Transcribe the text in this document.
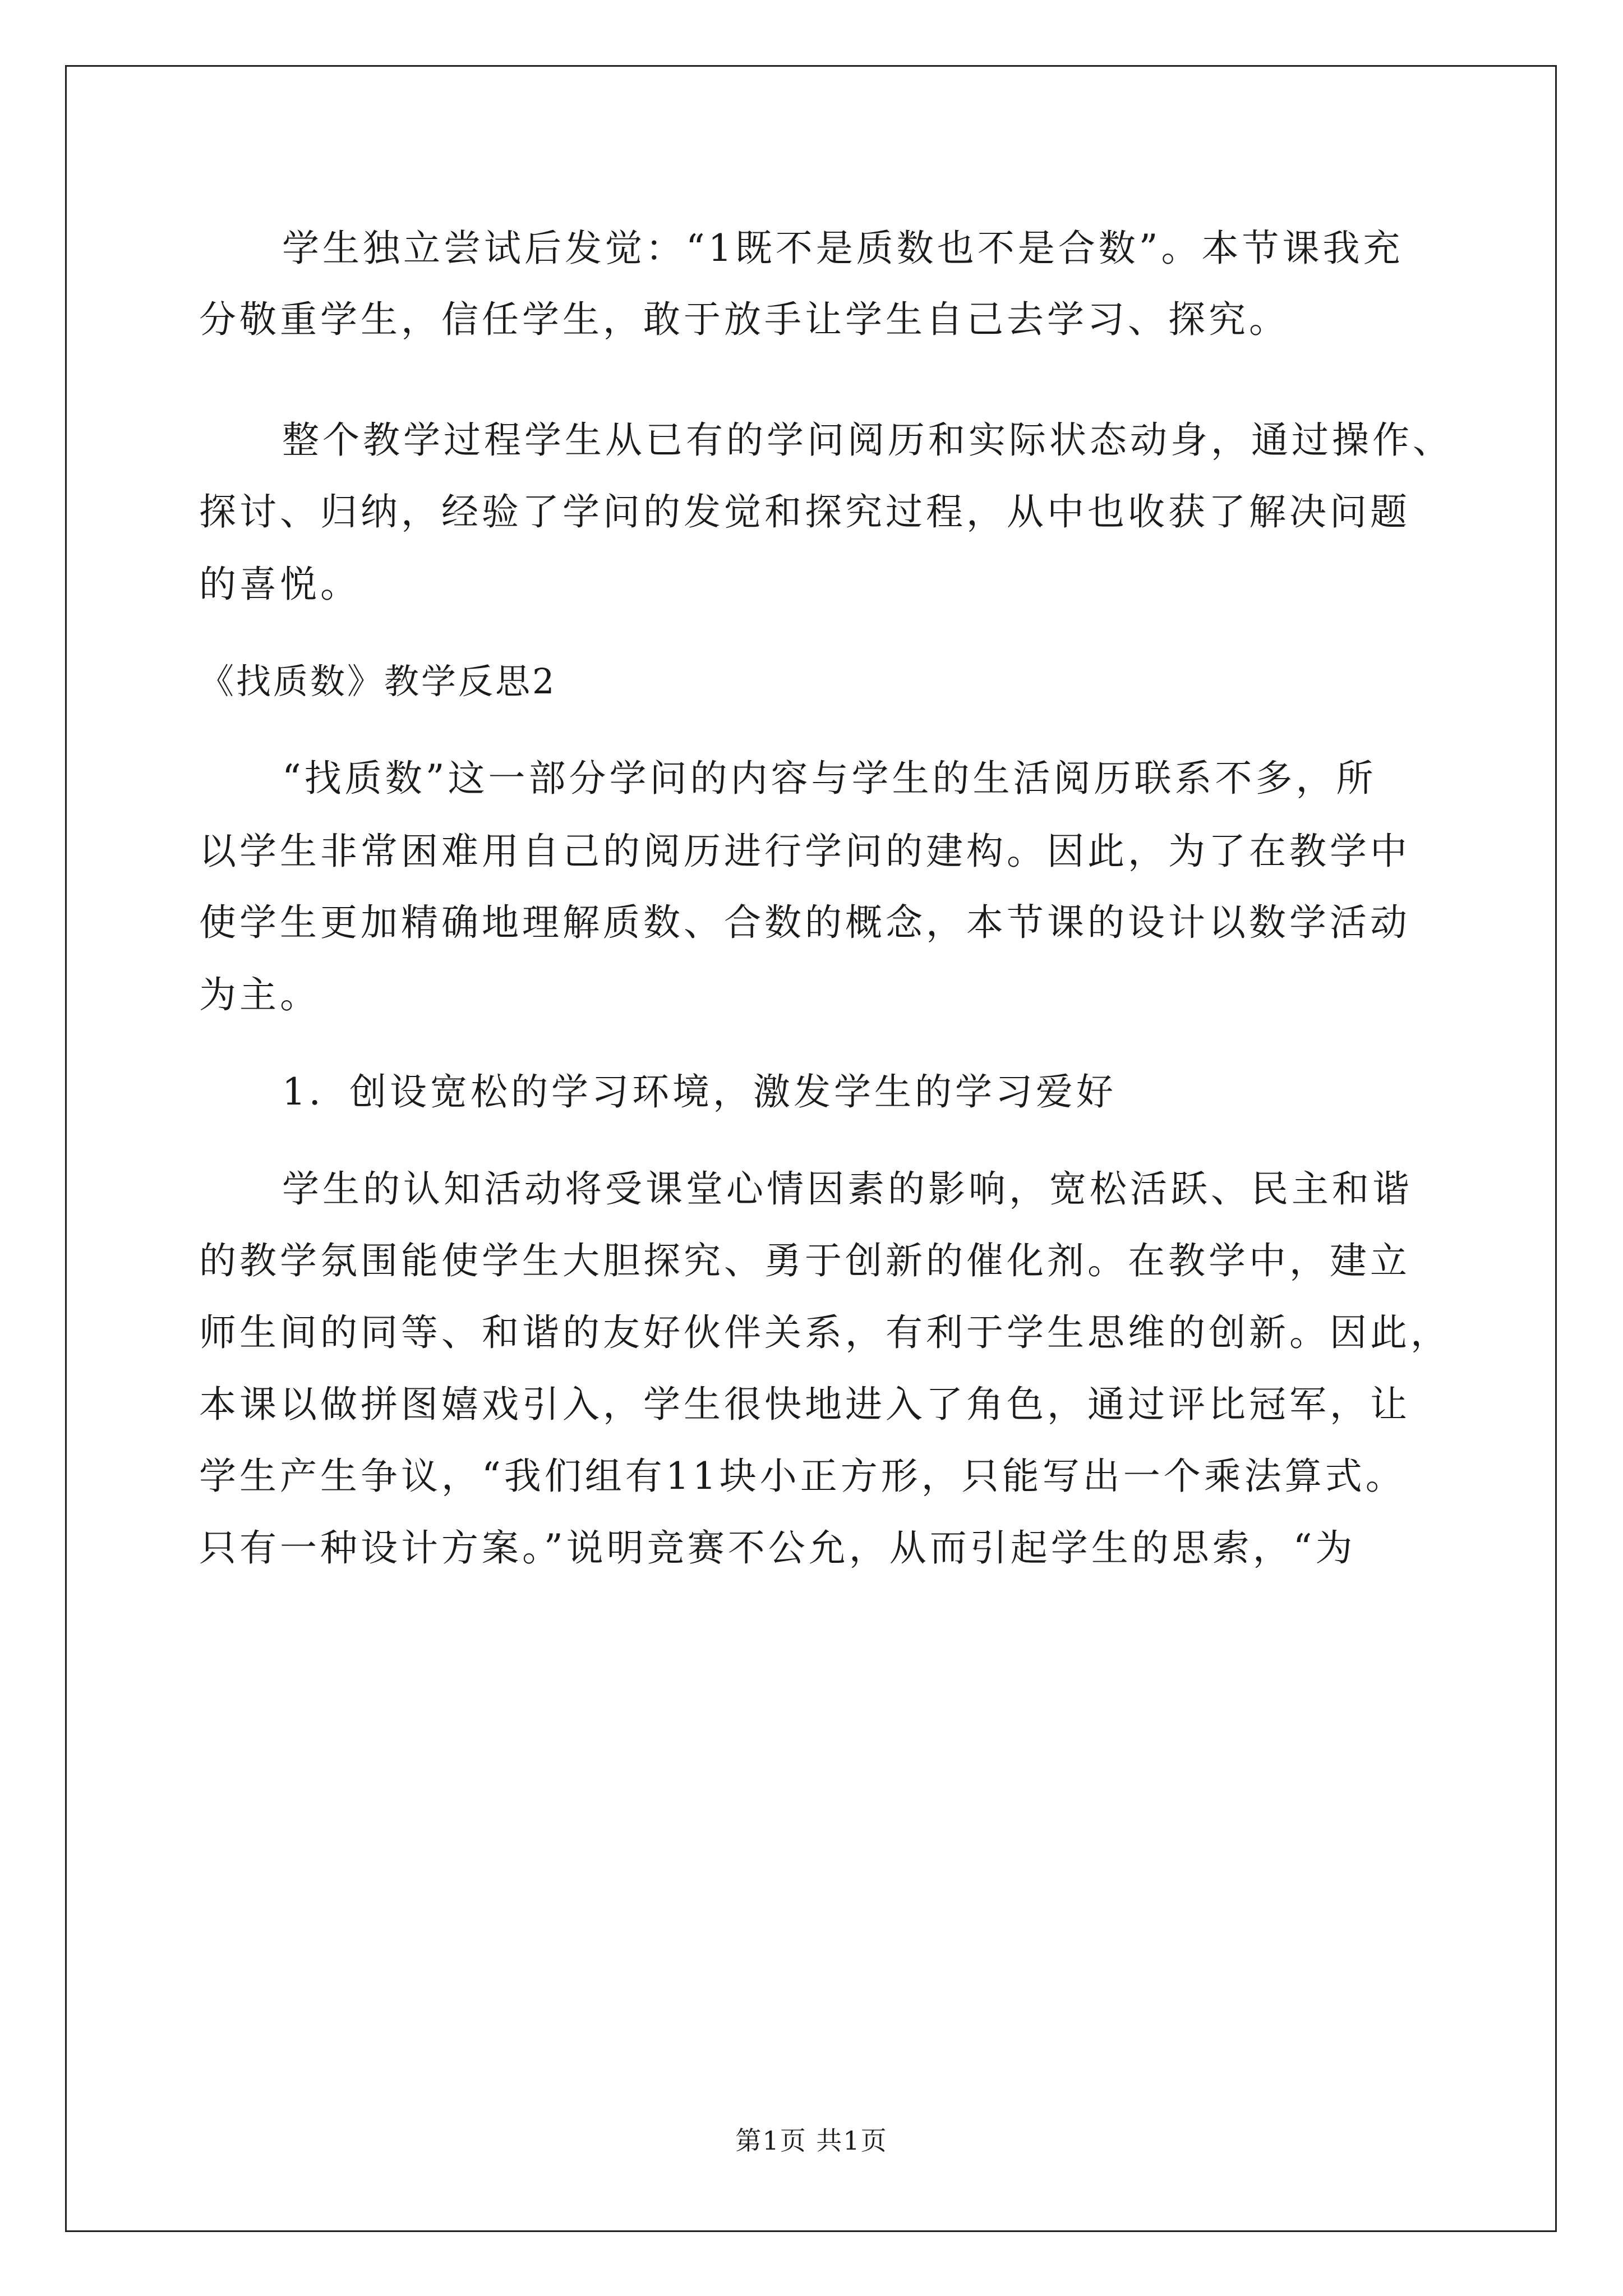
学生独立尝试后发觉：“1既不是质数也不是合数”。本节课我充
分敬重学生，信任学生，敢于放手让学生自己去学习、探究。
整个教学过程学生从已有的学问阅历和实际状态动身，通过操作、
探讨、归纳，经验了学问的发觉和探究过程，从中也收获了解决问题
的喜悦。
《找质数》教学反思2
“找质数”这一部分学问的内容与学生的生活阅历联系不多，所
以学生非常困难用自己的阅历进行学问的建构。因此，为了在教学中
使学生更加精确地理解质数、合数的概念，本节课的设计以数学活动
为主。
1．创设宽松的学习环境，激发学生的学习爱好
学生的认知活动将受课堂心情因素的影响，宽松活跃、民主和谐
的教学氛围能使学生大胆探究、勇于创新的催化剂。在教学中，建立
师生间的同等、和谐的友好伙伴关系，有利于学生思维的创新。因此，
本课以做拼图嬉戏引入，学生很快地进入了角色，通过评比冠军，让
学生产生争议，“我们组有11块小正方形，只能写出一个乘法算式。
只有一种设计方案。”说明竞赛不公允，从而引起学生的思索，“为
第1页 共1页
